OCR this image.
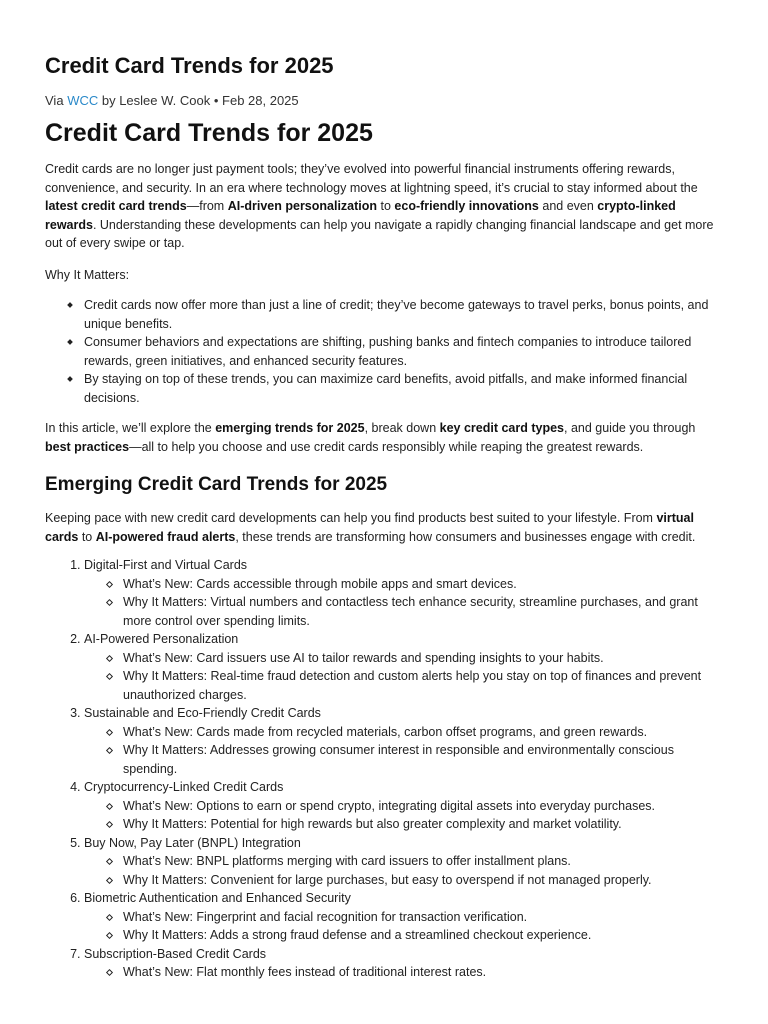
Credit Card Trends for 2025
Via WCC by Leslee W. Cook • Feb 28, 2025
Credit Card Trends for 2025

Credit cards are no longer just payment tools; they’ve evolved into powerful financial instruments offering rewards, convenience, and security. In an era where technology moves at lightning speed, it’s crucial to stay informed about the latest credit card trends—from AI-driven personalization to eco-friendly innovations and even crypto-linked rewards. Understanding these developments can help you navigate a rapidly changing financial landscape and get more out of every swipe or tap.

Why It Matters:

Credit cards now offer more than just a line of credit; they’ve become gateways to travel perks, bonus points, and unique benefits.
Consumer behaviors and expectations are shifting, pushing banks and fintech companies to introduce tailored rewards, green initiatives, and enhanced security features.
By staying on top of these trends, you can maximize card benefits, avoid pitfalls, and make informed financial decisions.

In this article, we’ll explore the emerging trends for 2025, break down key credit card types, and guide you through best practices—all to help you choose and use credit cards responsibly while reaping the greatest rewards.

Emerging Credit Card Trends for 2025

Keeping pace with new credit card developments can help you find products best suited to your lifestyle. From virtual cards to AI-powered fraud alerts, these trends are transforming how consumers and businesses engage with credit.

1. Digital-First and Virtual Cards
What’s New: Cards accessible through mobile apps and smart devices.
Why It Matters: Virtual numbers and contactless tech enhance security, streamline purchases, and grant more control over spending limits.
2. AI-Powered Personalization
What’s New: Card issuers use AI to tailor rewards and spending insights to your habits.
Why It Matters: Real-time fraud detection and custom alerts help you stay on top of finances and prevent unauthorized charges.
3. Sustainable and Eco-Friendly Credit Cards
What’s New: Cards made from recycled materials, carbon offset programs, and green rewards.
Why It Matters: Addresses growing consumer interest in responsible and environmentally conscious spending.
4. Cryptocurrency-Linked Credit Cards
What’s New: Options to earn or spend crypto, integrating digital assets into everyday purchases.
Why It Matters: Potential for high rewards but also greater complexity and market volatility.
5. Buy Now, Pay Later (BNPL) Integration
What’s New: BNPL platforms merging with card issuers to offer installment plans.
Why It Matters: Convenient for large purchases, but easy to overspend if not managed properly.
6. Biometric Authentication and Enhanced Security
What’s New: Fingerprint and facial recognition for transaction verification.
Why It Matters: Adds a strong fraud defense and a streamlined checkout experience.
7. Subscription-Based Credit Cards
What’s New: Flat monthly fees instead of traditional interest rates.
